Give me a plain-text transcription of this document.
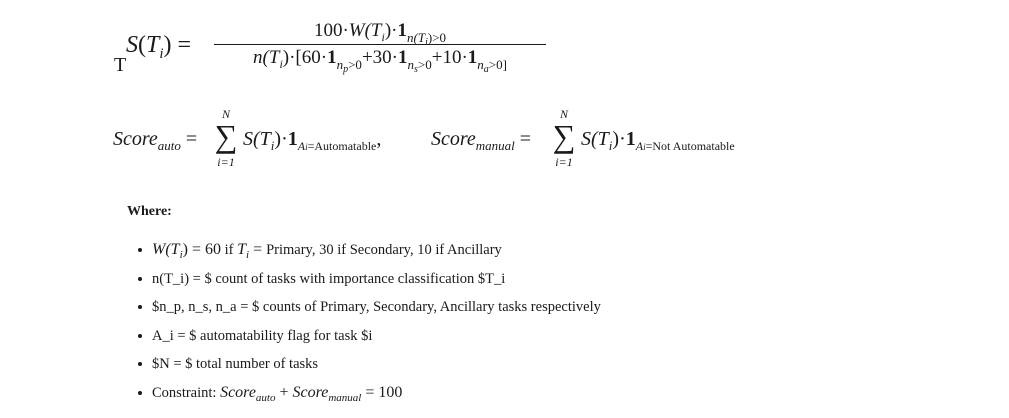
T
$S(T_i)$ =
$100\cdot W(T_i)\cdot 1_{n(T_i)>0}$
$n(T_i)\cdot[60\cdot 1_{n_p>0}+30\cdot 1_{n_s>0}+10\cdot 1_{n_a>0]}$
Score$_{auto}$ =
N
∑
i=1
$S(T_i)\cdot 1_{Ai=Automatable}$, Score$_{manual}$ =
N
∑
i=1
$S(T_i)\cdot 1_{Ai=Not Automatable}$
Where:
$W(T_i) = 60$ if $T_i$ = Primary, 30 if Secondary, 10 if Ancillary
n(T_i) = $ count of tasks with importance classification $T_i
$n_p, n_s, n_a = $ counts of Primary, Secondary, Ancillary tasks respectively
A_i = $ automatability flag for task $i
$N = $ total number of tasks
Constraint: Score$_{auto}$ + Score$_{manual}$ = 100
